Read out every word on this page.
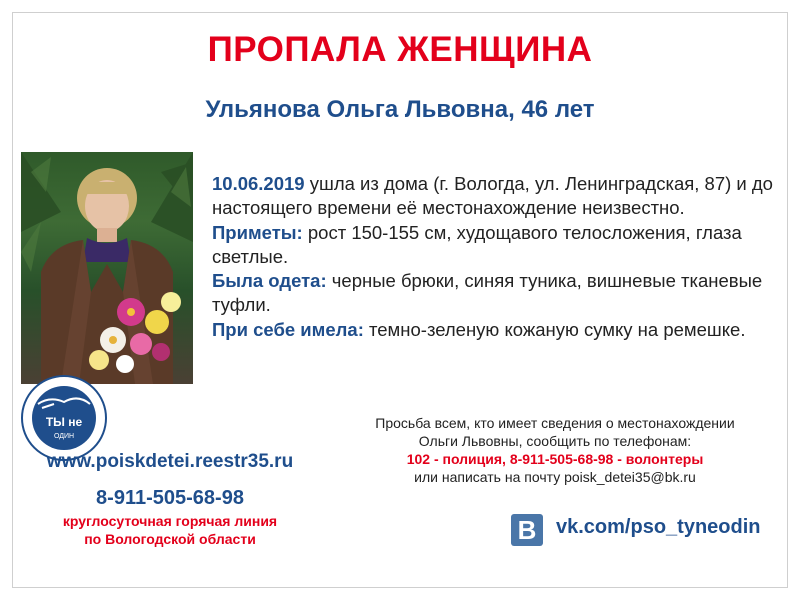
ПРОПАЛА ЖЕНЩИНА
Ульянова Ольга Львовна, 46 лет

10.06.2019 ушла из дома (г. Вологда, ул. Ленинградская, 87) и до настоящего времени её местонахождение неизвестно.

Приметы: рост 150-155 см, худощавого телосложения, глаза светлые.

Была одета: черные брюки, синяя туника, вишневые тканевые туфли.

При себе имела: темно-зеленую кожаную сумку на ремешке.

ТЫ не
ОДИН
www.poiskdetei.reestr35.ru
8-911-505-68-98
круглосуточная горячая линия
по Вологодской области
Просьба всем, кто имеет сведения о местонахождении
Ольги Львовны, сообщить по телефонам:
102 - полиция, 8-911-505-68-98 - волонтеры
или написать на почту poisk_detei35@bk.ru
B vk.com/pso_tyneodin
